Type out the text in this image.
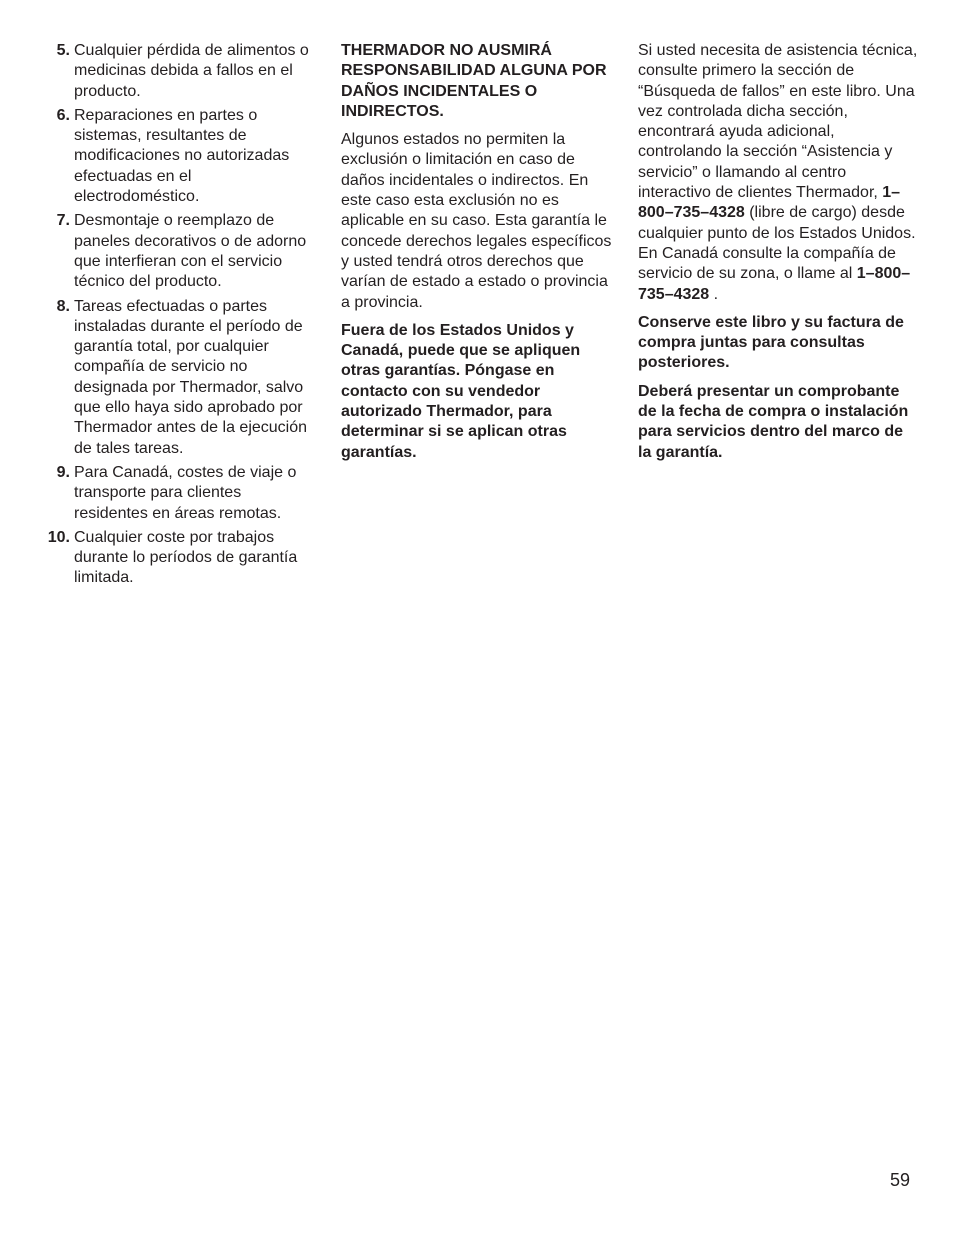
5. Cualquier pérdida de alimentos o medicinas debida a fallos en el producto.
6. Reparaciones en partes o sistemas, resultantes de modificaciones no autorizadas efectuadas en el electrodoméstico.
7. Desmontaje o reemplazo de paneles decorativos o de adorno que interfieran con el servicio técnico del producto.
8. Tareas efectuadas o partes instaladas durante el período de garantía total, por cualquier compañía de servicio no designada por Thermador, salvo que ello haya sido aprobado por Thermador antes de la ejecución de tales tareas.
9. Para Canadá, costes de viaje o transporte para clientes residentes en áreas remotas.
10. Cualquier coste por trabajos durante lo períodos de garantía limitada.

THERMADOR NO AUSMIRÁ RESPONSABILIDAD ALGUNA POR DAÑOS INCIDENTALES O INDIRECTOS.

Algunos estados no permiten la exclusión o limitación en caso de daños incidentales o indirectos. En este caso esta exclusión no es aplicable en su caso. Esta garantía le concede derechos legales específicos y usted tendrá otros derechos que varían de estado a estado o provincia a provincia.

Fuera de los Estados Unidos y Canadá, puede que se apliquen otras garantías. Póngase en contacto con su vendedor autorizado Thermador, para determinar si se aplican otras garantías.

Si usted necesita de asistencia técnica, consulte primero la sección de “Búsqueda de fallos” en este libro. Una vez controlada dicha sección, encontrará ayuda adicional, controlando la sección “Asistencia y servicio” o llamando al centro interactivo de clientes Thermador, 1–800–735–4328 (libre de cargo) desde cualquier punto de los Estados Unidos.

En Canadá consulte la compañía de servicio de su zona, o llame al 1–800–735–4328 .

Conserve este libro y su factura de compra juntas para consultas posteriores.

Deberá presentar un comprobante de la fecha de compra o instalación para servicios dentro del marco de la garantía.

59
